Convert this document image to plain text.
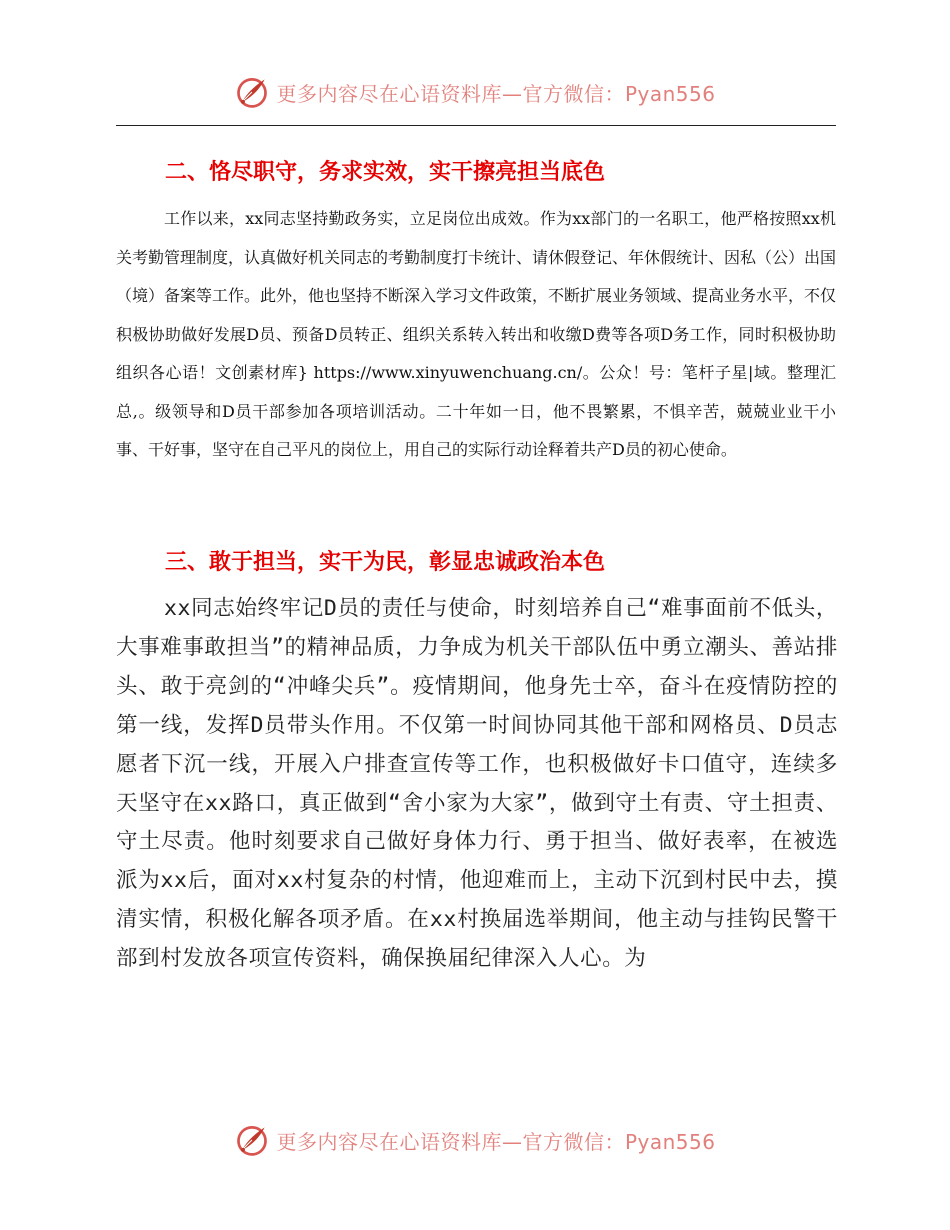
更多内容尽在心语资料库—官方微信：Pyan556
二、恪尽职守，务求实效，实干擦亮担当底色
工作以来，xx同志坚持勤政务实，立足岗位出成效。作为xx部门的一名职工，他严格按照xx机关考勤管理制度，认真做好机关同志的考勤制度打卡统计、请休假登记、年休假统计、因私（公）出国（境）备案等工作。此外，他也坚持不断深入学习文件政策，不断扩展业务领域、提高业务水平，不仅积极协助做好发展D员、预备D员转正、组织关系转入转出和收缴D费等各项D务工作，同时积极协助组织各心语！文创素材库} https://www.xinyuwenchuang.cn/。公众！号：笔杆子星|域。整理汇总,。级领导和D员干部参加各项培训活动。二十年如一日，他不畏繁累，不惧辛苦，兢兢业业干小事、干好事，坚守在自己平凡的岗位上，用自己的实际行动诠释着共产D员的初心使命。
三、敢于担当，实干为民，彰显忠诚政治本色
xx同志始终牢记D员的责任与使命，时刻培养自己“难事面前不低头，大事难事敢担当”的精神品质，力争成为机关干部队伍中勇立潮头、善站排头、敢于亮剑的“冲峰尖兵”。疫情期间，他身先士卒，奋斗在疫情防控的第一线，发挥D员带头作用。不仅第一时间协同其他干部和网格员、D员志愿者下沉一线，开展入户排查宣传等工作，也积极做好卡口值守，连续多天坚守在xx路口，真正做到“舍小家为大家”，做到守土有责、守土担责、守土尽责。他时刻要求自己做好身体力行、勇于担当、做好表率，在被选派为xx后，面对xx村复杂的村情，他迎难而上，主动下沉到村民中去，摸清实情，积极化解各项矛盾。在xx村换届选举期间，他主动与挂钩民警干部到村发放各项宣传资料，确保换届纪律深入人心。为
更多内容尽在心语资料库—官方微信：Pyan556
